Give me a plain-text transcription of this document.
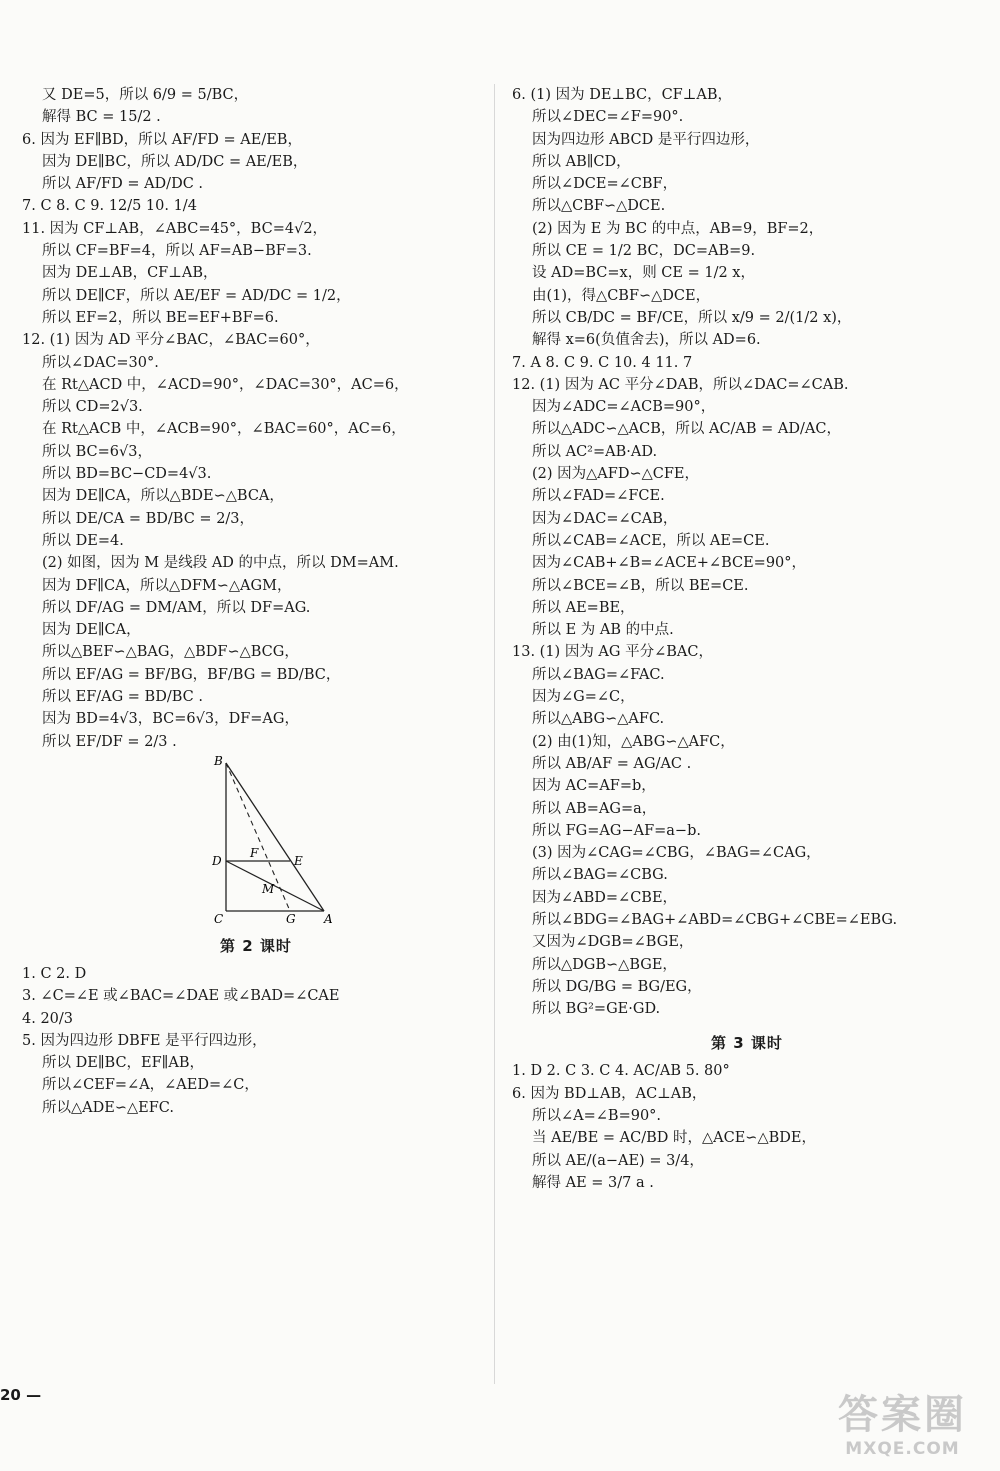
又 DE=5，所以 6/9 = 5/BC，
解得 BC = 15/2 .
6. 因为 EF∥BD，所以 AF/FD = AE/EB，
因为 DE∥BC，所以 AD/DC = AE/EB，
所以 AF/FD = AD/DC .
7. C 8. C 9. 12/5 10. 1/4
11. 因为 CF⊥AB，∠ABC=45°，BC=4√2，
所以 CF=BF=4，所以 AF=AB−BF=3.
因为 DE⊥AB，CF⊥AB，
所以 DE∥CF，所以 AE/EF = AD/DC = 1/2，
所以 EF=2，所以 BE=EF+BF=6.
12. (1) 因为 AD 平分∠BAC，∠BAC=60°，
所以∠DAC=30°.
在 Rt△ACD 中，∠ACD=90°，∠DAC=30°，AC=6，
所以 CD=2√3.
在 Rt△ACB 中，∠ACB=90°，∠BAC=60°，AC=6，
所以 BC=6√3，
所以 BD=BC−CD=4√3.
因为 DE∥CA，所以△BDE∽△BCA，
所以 DE/CA = BD/BC = 2/3，
所以 DE=4.
(2) 如图，因为 M 是线段 AD 的中点，所以 DM=AM.
因为 DF∥CA，所以△DFM∽△AGM，
所以 DF/AG = DM/AM，所以 DF=AG.
因为 DE∥CA，
所以△BEF∽△BAG，△BDF∽△BCG，
所以 EF/AG = BF/BG，BF/BG = BD/BC，
所以 EF/AG = BD/BC .
因为 BD=4√3，BC=6√3，DF=AG，
所以 EF/DF = 2/3 .
B
D
F
E
M
C	G A
第 2 课时
1. C 2. D
3. ∠C=∠E 或∠BAC=∠DAE 或∠BAD=∠CAE
4. 20/3
5. 因为四边形 DBFE 是平行四边形，
所以 DE∥BC，EF∥AB，
所以∠CEF=∠A，∠AED=∠C，
所以△ADE∽△EFC.
6. (1) 因为 DE⊥BC，CF⊥AB，
所以∠DEC=∠F=90°.
因为四边形 ABCD 是平行四边形，
所以 AB∥CD，
所以∠DCE=∠CBF，
所以△CBF∽△DCE.
(2) 因为 E 为 BC 的中点，AB=9，BF=2，
所以 CE = 1/2 BC，DC=AB=9.
设 AD=BC=x，则 CE = 1/2 x，
由(1)，得△CBF∽△DCE，
所以 CB/DC = BF/CE，所以 x/9 = 2/(1/2 x)，
解得 x=6(负值舍去)，所以 AD=6.
7. A 8. C 9. C 10. 4 11. 7
12. (1) 因为 AC 平分∠DAB，所以∠DAC=∠CAB.
因为∠ADC=∠ACB=90°，
所以△ADC∽△ACB，所以 AC/AB = AD/AC，
所以 AC²=AB·AD.
(2) 因为△AFD∽△CFE，
所以∠FAD=∠FCE.
因为∠DAC=∠CAB，
所以∠CAB=∠ACE，所以 AE=CE.
因为∠CAB+∠B=∠ACE+∠BCE=90°，
所以∠BCE=∠B，所以 BE=CE.
所以 AE=BE，
所以 E 为 AB 的中点.
13. (1) 因为 AG 平分∠BAC，
所以∠BAG=∠FAC.
因为∠G=∠C，
所以△ABG∽△AFC.
(2) 由(1)知，△ABG∽△AFC，
所以 AB/AF = AG/AC .
因为 AC=AF=b，
所以 AB=AG=a，
所以 FG=AG−AF=a−b.
(3) 因为∠CAG=∠CBG，∠BAG=∠CAG，
所以∠BAG=∠CBG.
因为∠ABD=∠CBE，
所以∠BDG=∠BAG+∠ABD=∠CBG+∠CBE=∠EBG.
又因为∠DGB=∠BGE，
所以△DGB∽△BGE，
所以 DG/BG = BG/EG，
所以 BG²=GE·GD.
第 3 课时
1. D 2. C 3. C 4. AC/AB 5. 80°
6. 因为 BD⊥AB，AC⊥AB，
所以∠A=∠B=90°.
当 AE/BE = AC/BD 时，△ACE∽△BDE，
所以 AE/(a−AE) = 3/4，
解得 AE = 3/7 a .
20 —	答案圈
MXQE.COM
